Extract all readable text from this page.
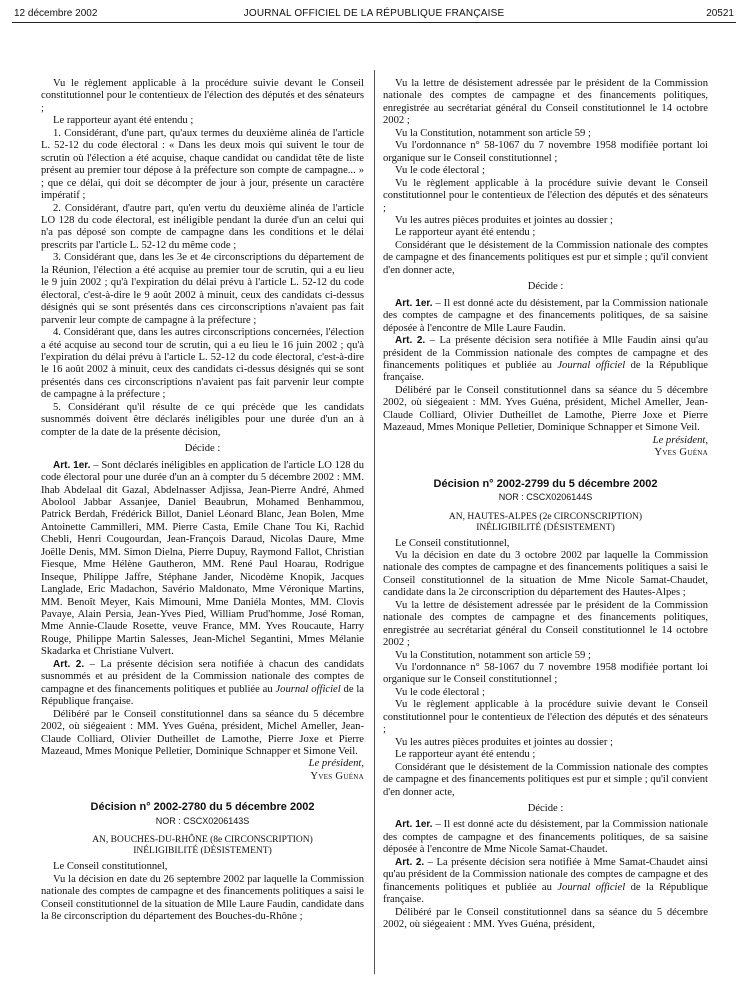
12 décembre 2002	JOURNAL OFFICIEL DE LA RÉPUBLIQUE FRANÇAISE	20521

Vu le règlement applicable à la procédure suivie devant le Conseil constitutionnel pour le contentieux de l'élection des députés et des sénateurs ;

Le rapporteur ayant été entendu ;

1. Considérant, d'une part, qu'aux termes du deuxième alinéa de l'article L. 52-12 du code électoral : « Dans les deux mois qui suivent le tour de scrutin où l'élection a été acquise, chaque candidat ou candidat tête de liste présent au premier tour dépose à la préfecture son compte de campagne... » ; que ce délai, qui doit se décompter de jour à jour, présente un caractère impératif ;

2. Considérant, d'autre part, qu'en vertu du deuxième alinéa de l'article LO 128 du code électoral, est inéligible pendant la durée d'un an celui qui n'a pas déposé son compte de campagne dans les conditions et le délai prescrits par l'article L. 52-12 du même code ;

3. Considérant que, dans les 3e et 4e circonscriptions du département de la Réunion, l'élection a été acquise au premier tour de scrutin, qui a eu lieu le 9 juin 2002 ; qu'à l'expiration du délai prévu à l'article L. 52-12 du code électoral, c'est-à-dire le 9 août 2002 à minuit, ceux des candidats ci-dessus désignés qui se sont présentés dans ces circonscriptions n'avaient pas fait parvenir leur compte de campagne à la préfecture ;

4. Considérant que, dans les autres circonscriptions concernées, l'élection a été acquise au second tour de scrutin, qui a eu lieu le 16 juin 2002 ; qu'à l'expiration du délai prévu à l'article L. 52-12 du code électoral, c'est-à-dire le 16 août 2002 à minuit, ceux des candidats ci-dessus désignés qui se sont présentés dans ces circonscriptions n'avaient pas fait parvenir leur compte de campagne à la préfecture ;

5. Considérant qu'il résulte de ce qui précède que les candidats susnommés doivent être déclarés inéligibles pour une durée d'un an à compter de la date de la présente décision,

Décide :

Art. 1er. – Sont déclarés inéligibles en application de l'article LO 128 du code électoral pour une durée d'un an à compter du 5 décembre 2002 : MM. Ihab Abdelaal dit Gazal, Abdelnasser Adjissa, Jean-Pierre André, Ahmed Abolool Jabbar Assanjee, Daniel Beaubrun, Mohamed Benhammou, Patrick Berdah, Frédérick Billot, Daniel Léonard Blanc, Jean Bolen, Mme Antoinette Cammilleri, MM. Pierre Casta, Emile Chane Tou Ki, Rachid Chebli, Henri Cougourdan, Jean-François Daraud, Nicolas Daure, Mme Joëlle Denis, MM. Simon Dielna, Pierre Dupuy, Raymond Fallot, Christian Fiesque, Mme Hélène Gautheron, MM. René Paul Hoarau, Rodrigue Inseque, Philippe Jaffre, Stéphane Jander, Nicodème Knopik, Jacques Langlade, Eric Madachon, Savério Maldonato, Mme Véronique Martins, MM. Benoît Meyer, Kais Mimouni, Mme Daniéla Montes, MM. Clovis Pavaye, Alain Persia, Jean-Yves Pied, William Prud'homme, José Roman, Mme Annie-Claude Rosette, veuve France, MM. Yves Roucaute, Harry Rouge, Philippe Martin Salesses, Jean-Michel Segantini, Mmes Mélanie Skadarka et Christiane Vulvert.

Art. 2. – La présente décision sera notifiée à chacun des candidats susnommés et au président de la Commission nationale des comptes de campagne et des financements politiques et publiée au Journal officiel de la République française.

Délibéré par le Conseil constitutionnel dans sa séance du 5 décembre 2002, où siégeaient : MM. Yves Guéna, président, Michel Ameller, Jean-Claude Colliard, Olivier Dutheillet de Lamothe, Pierre Joxe et Pierre Mazeaud, Mmes Monique Pelletier, Dominique Schnapper et Simone Veil.

Le président,

Yves Guéna

Décision n° 2002-2780 du 5 décembre 2002

NOR : CSCX0206143S

AN, BOUCHES-DU-RHÔNE (8e CIRCONSCRIPTION)

INÉLIGIBILITÉ (DÉSISTEMENT)

Le Conseil constitutionnel,

Vu la décision en date du 26 septembre 2002 par laquelle la Commission nationale des comptes de campagne et des financements politiques a saisi le Conseil constitutionnel de la situation de Mlle Laure Faudin, candidate dans la 8e circonscription du département des Bouches-du-Rhône ;

Vu la lettre de désistement adressée par le président de la Commission nationale des comptes de campagne et des financements politiques, enregistrée au secrétariat général du Conseil constitutionnel le 14 octobre 2002 ;

Vu la Constitution, notamment son article 59 ;

Vu l'ordonnance n° 58-1067 du 7 novembre 1958 modifiée portant loi organique sur le Conseil constitutionnel ;

Vu le code électoral ;

Vu le règlement applicable à la procédure suivie devant le Conseil constitutionnel pour le contentieux de l'élection des députés et des sénateurs ;

Vu les autres pièces produites et jointes au dossier ;

Le rapporteur ayant été entendu ;

Considérant que le désistement de la Commission nationale des comptes de campagne et des financements politiques est pur et simple ; qu'il convient d'en donner acte,

Décide :

Art. 1er. – Il est donné acte du désistement, par la Commission nationale des comptes de campagne et des financements politiques, de sa saisine déposée à l'encontre de Mlle Laure Faudin.

Art. 2. – La présente décision sera notifiée à Mlle Faudin ainsi qu'au président de la Commission nationale des comptes de campagne et des financements politiques et publiée au Journal officiel de la République française.

Délibéré par le Conseil constitutionnel dans sa séance du 5 décembre 2002, où siégeaient : MM. Yves Guéna, président, Michel Ameller, Jean-Claude Colliard, Olivier Dutheillet de Lamothe, Pierre Joxe et Pierre Mazeaud, Mmes Monique Pelletier, Dominique Schnapper et Simone Veil.

Le président,

Yves Guéna

Décision n° 2002-2799 du 5 décembre 2002

NOR : CSCX0206144S

AN, HAUTES-ALPES (2e CIRCONSCRIPTION)

INÉLIGIBILITÉ (DÉSISTEMENT)

Le Conseil constitutionnel,

Vu la décision en date du 3 octobre 2002 par laquelle la Commission nationale des comptes de campagne et des financements politiques a saisi le Conseil constitutionnel de la situation de Mme Nicole Samat-Chaudet, candidate dans la 2e circonscription du département des Hautes-Alpes ;

Vu la lettre de désistement adressée par le président de la Commission nationale des comptes de campagne et des financements politiques, enregistrée au secrétariat général du Conseil constitutionnel le 14 octobre 2002 ;

Vu la Constitution, notamment son article 59 ;

Vu l'ordonnance n° 58-1067 du 7 novembre 1958 modifiée portant loi organique sur le Conseil constitutionnel ;

Vu le code électoral ;

Vu le règlement applicable à la procédure suivie devant le Conseil constitutionnel pour le contentieux de l'élection des députés et des sénateurs ;

Vu les autres pièces produites et jointes au dossier ;

Le rapporteur ayant été entendu ;

Considérant que le désistement de la Commission nationale des comptes de campagne et des financements politiques est pur et simple ; qu'il convient d'en donner acte,

Décide :

Art. 1er. – Il est donné acte du désistement, par la Commission nationale des comptes de campagne et des financements politiques, de sa saisine déposée à l'encontre de Mme Nicole Samat-Chaudet.

Art. 2. – La présente décision sera notifiée à Mme Samat-Chaudet ainsi qu'au président de la Commission nationale des comptes de campagne et des financements politiques et publiée au Journal officiel de la République française.

Délibéré par le Conseil constitutionnel dans sa séance du 5 décembre 2002, où siégeaient : MM. Yves Guéna, président,
